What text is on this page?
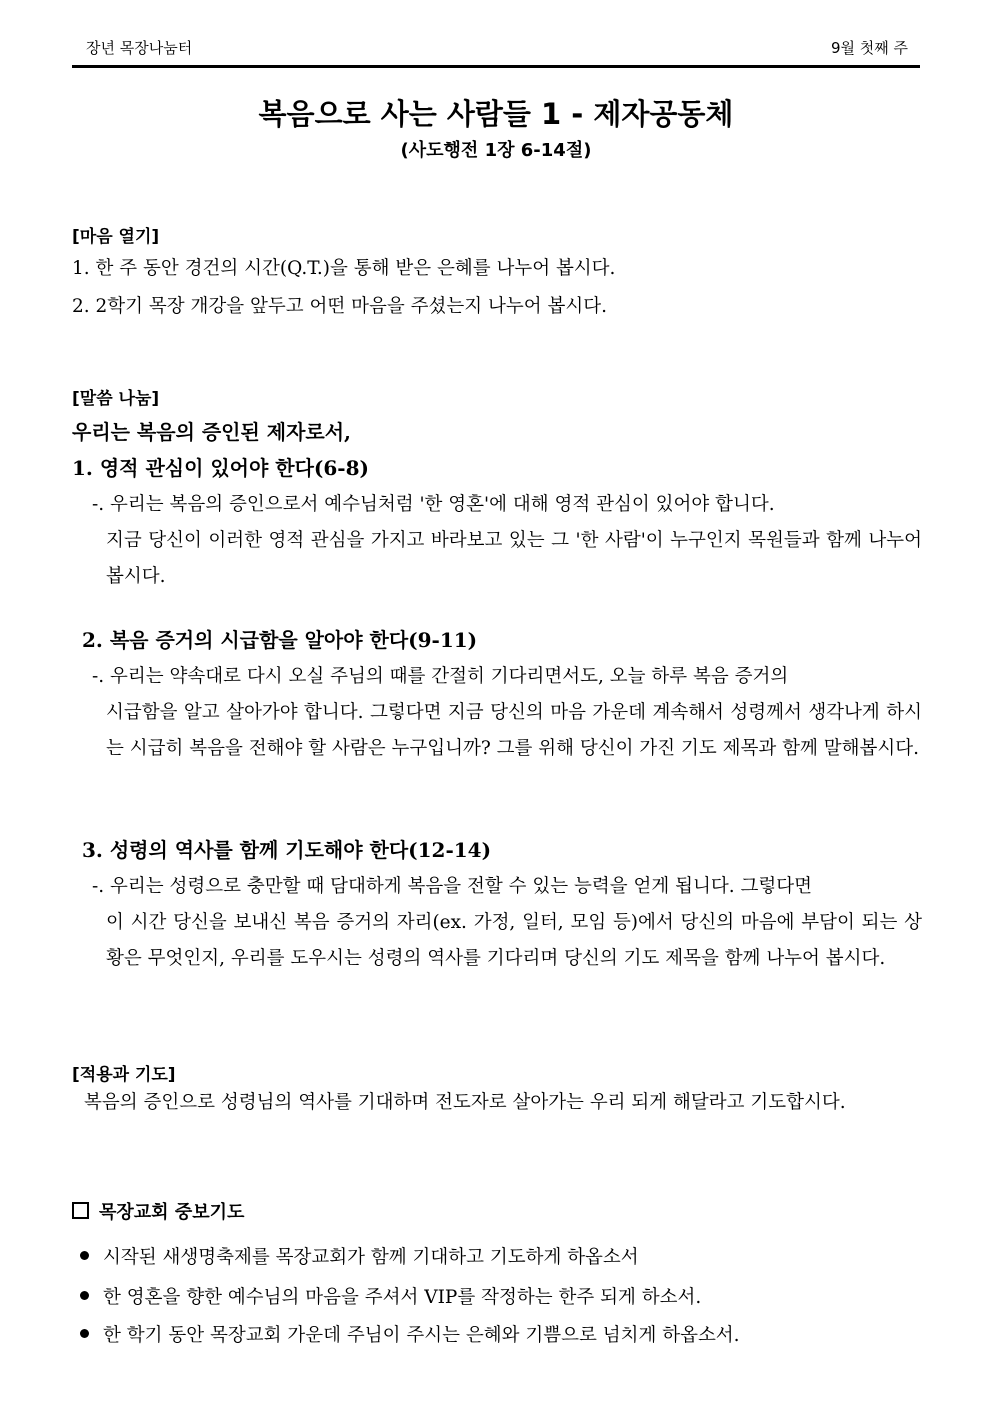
장년 목장나눔터	9월 첫째 주
복음으로 사는 사람들 1 - 제자공동체
(사도행전 1장 6-14절)
[마음 열기]
1. 한 주 동안 경건의 시간(Q.T.)을 통해 받은 은혜를 나누어 봅시다.
2. 2학기 목장 개강을 앞두고 어떤 마음을 주셨는지 나누어 봅시다.
[말씀 나눔]
우리는 복음의 증인된 제자로서,
1. 영적 관심이 있어야 한다(6-8)
-. 우리는 복음의 증인으로서 예수님처럼 '한 영혼'에 대해 영적 관심이 있어야 합니다.
지금 당신이 이러한 영적 관심을 가지고 바라보고 있는 그 '한 사람'이 누구인지 목원들과 함께 나누어 봅시다.
2. 복음 증거의 시급함을 알아야 한다(9-11)
-. 우리는 약속대로 다시 오실 주님의 때를 간절히 기다리면서도, 오늘 하루 복음 증거의
시급함을 알고 살아가야 합니다. 그렇다면 지금 당신의 마음 가운데 계속해서 성령께서 생각나게 하시는 시급히 복음을 전해야 할 사람은 누구입니까? 그를 위해 당신이 가진 기도 제목과 함께 말해봅시다.
3. 성령의 역사를 함께 기도해야 한다(12-14)
-. 우리는 성령으로 충만할 때 담대하게 복음을 전할 수 있는 능력을 얻게 됩니다. 그렇다면
이 시간 당신을 보내신 복음 증거의 자리(ex. 가정, 일터, 모임 등)에서 당신의 마음에 부담이 되는 상황은 무엇인지, 우리를 도우시는 성령의 역사를 기다리며 당신의 기도 제목을 함께 나누어 봅시다.
[적용과 기도]
복음의 증인으로 성령님의 역사를 기대하며 전도자로 살아가는 우리 되게 해달라고 기도합시다.
목장교회 중보기도
시작된 새생명축제를 목장교회가 함께 기대하고 기도하게 하옵소서
한 영혼을 향한 예수님의 마음을 주셔서 VIP를 작정하는 한주 되게 하소서.
한 학기 동안 목장교회 가운데 주님이 주시는 은혜와 기쁨으로 넘치게 하옵소서.
